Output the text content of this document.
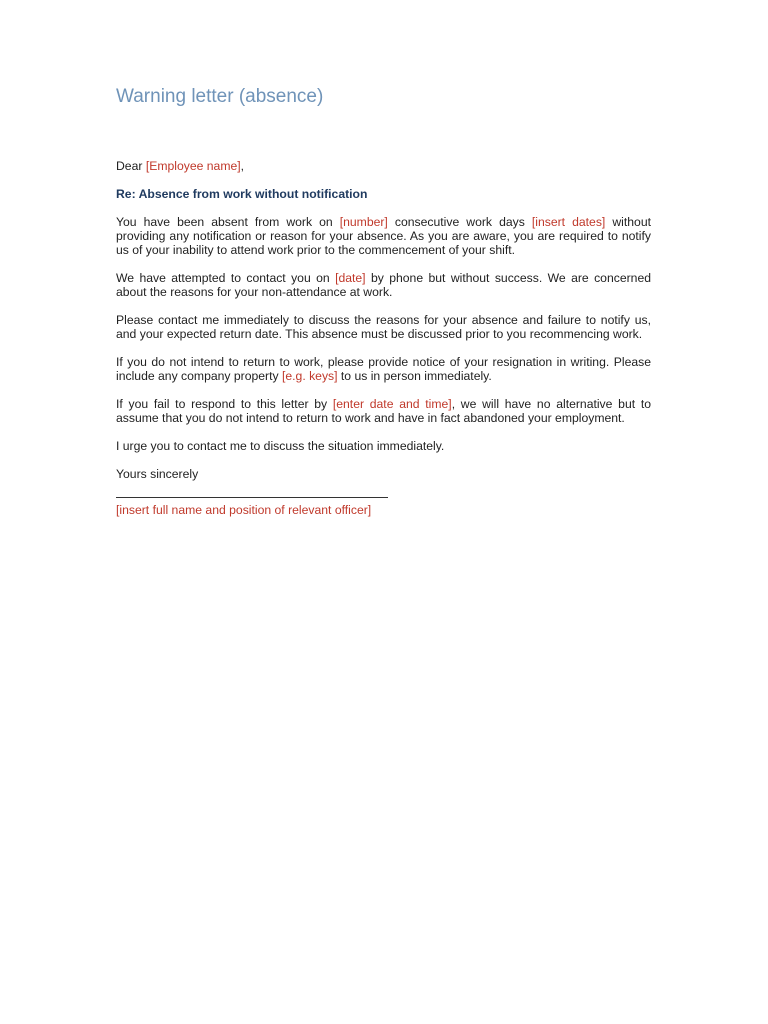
Warning letter (absence)

Dear [Employee name],

Re: Absence from work without notification

You have been absent from work on [number] consecutive work days [insert dates] without providing any notification or reason for your absence. As you are aware, you are required to notify us of your inability to attend work prior to the commencement of your shift.

We have attempted to contact you on [date] by phone but without success. We are concerned about the reasons for your non-attendance at work.

Please contact me immediately to discuss the reasons for your absence and failure to notify us, and your expected return date. This absence must be discussed prior to you recommencing work.

If you do not intend to return to work, please provide notice of your resignation in writing. Please include any company property [e.g. keys] to us in person immediately.

If you fail to respond to this letter by [enter date and time], we will have no alternative but to assume that you do not intend to return to work and have in fact abandoned your employment.

I urge you to contact me to discuss the situation immediately.

Yours sincerely

[insert full name and position of relevant officer]
